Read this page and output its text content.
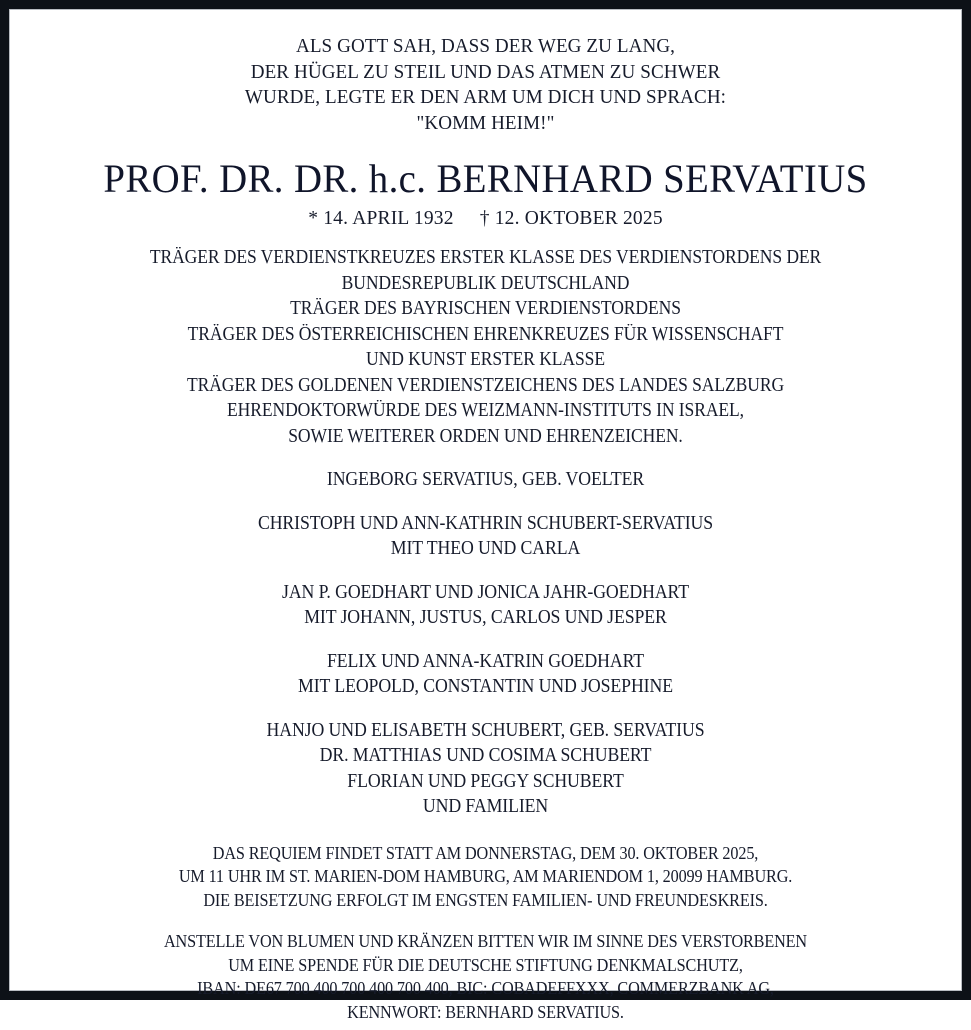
ALS GOTT SAH, DASS DER WEG ZU LANG,
DER HÜGEL ZU STEIL UND DAS ATMEN ZU SCHWER
WURDE, LEGTE ER DEN ARM UM DICH UND SPRACH:
"KOMM HEIM!"
PROF. DR. DR. h.c. BERNHARD SERVATIUS
* 14. APRIL 1932 † 12. OKTOBER 2025
TRÄGER DES VERDIENSTKREUZES ERSTER KLASSE DES VERDIENSTORDENS DER
BUNDESREPUBLIK DEUTSCHLAND
TRÄGER DES BAYRISCHEN VERDIENSTORDENS
TRÄGER DES ÖSTERREICHISCHEN EHRENKREUZES FÜR WISSENSCHAFT
UND KUNST ERSTER KLASSE
TRÄGER DES GOLDENEN VERDIENSTZEICHENS DES LANDES SALZBURG
EHRENDOKTORWÜRDE DES WEIZMANN-INSTITUTS IN ISRAEL,
SOWIE WEITERER ORDEN UND EHRENZEICHEN.
INGEBORG SERVATIUS, GEB. VOELTER
CHRISTOPH UND ANN-KATHRIN SCHUBERT-SERVATIUS
MIT THEO UND CARLA
JAN P. GOEDHART UND JONICA JAHR-GOEDHART
MIT JOHANN, JUSTUS, CARLOS UND JESPER
FELIX UND ANNA-KATRIN GOEDHART
MIT LEOPOLD, CONSTANTIN UND JOSEPHINE
HANJO UND ELISABETH SCHUBERT, GEB. SERVATIUS
DR. MATTHIAS UND COSIMA SCHUBERT
FLORIAN UND PEGGY SCHUBERT
UND FAMILIEN
DAS REQUIEM FINDET STATT AM DONNERSTAG, DEM 30. OKTOBER 2025,
UM 11 UHR IM ST. MARIEN-DOM HAMBURG, AM MARIENDOM 1, 20099 HAMBURG.
DIE BEISETZUNG ERFOLGT IM ENGSTEN FAMILIEN- UND FREUNDESKREIS.
ANSTELLE VON BLUMEN UND KRÄNZEN BITTEN WIR IM SINNE DES VERSTORBENEN
UM EINE SPENDE FÜR DIE DEUTSCHE STIFTUNG DENKMALSCHUTZ,
IBAN: DE67 700 400 700 400 700 400, BIC: COBADEFFXXX, COMMERZBANK AG,
KENNWORT: BERNHARD SERVATIUS.
